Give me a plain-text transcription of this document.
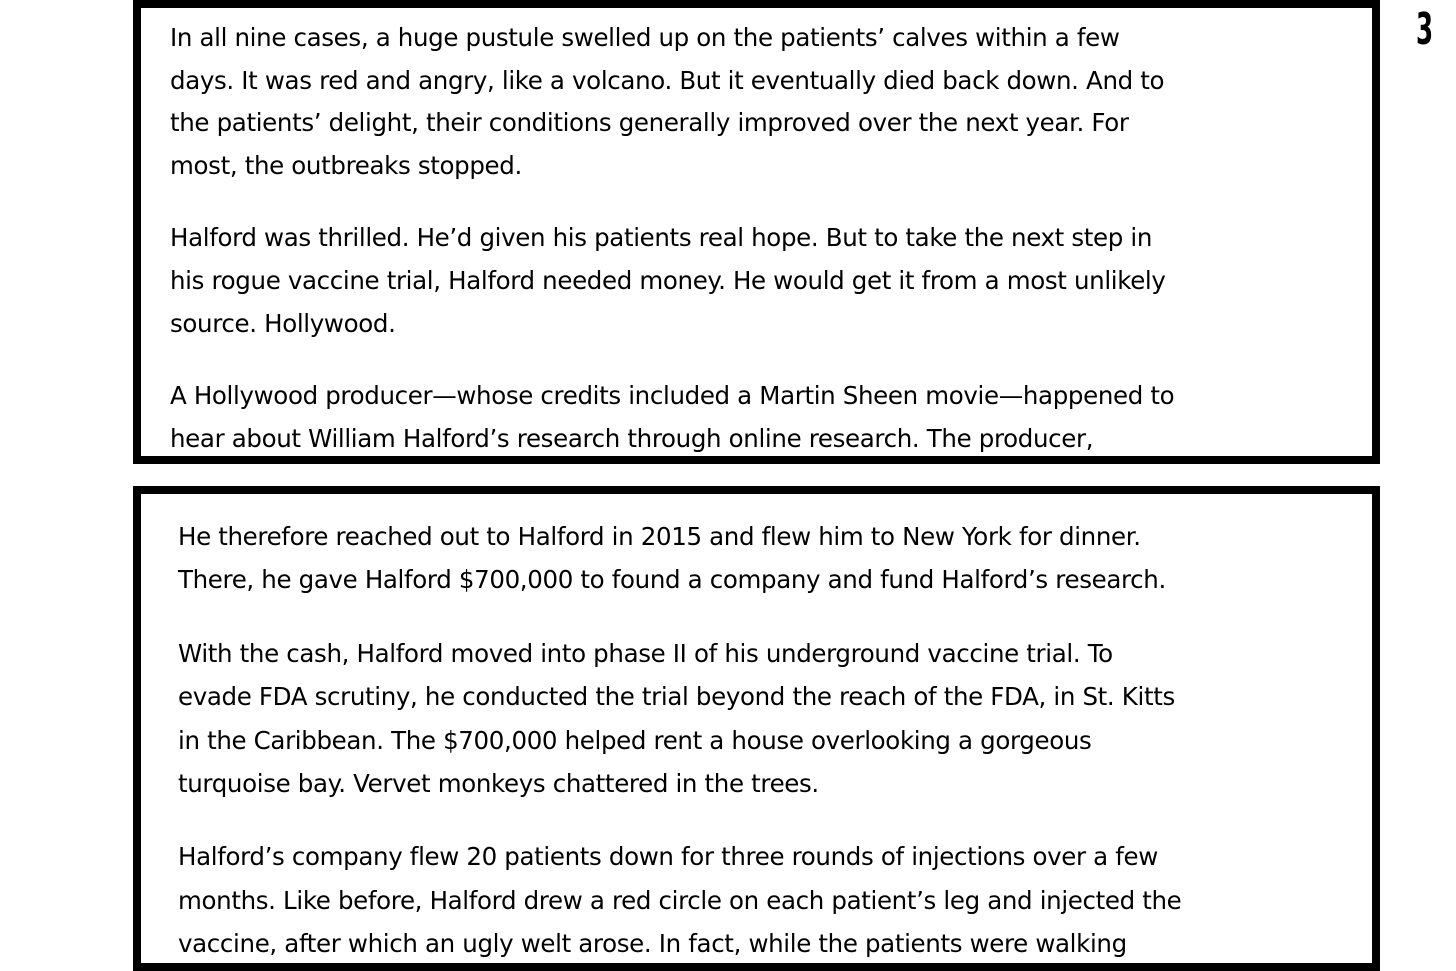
3

In all nine cases, a huge pustule swelled up on the patients’ calves within a few
days. It was red and angry, like a volcano. But it eventually died back down. And to
the patients’ delight, their conditions generally improved over the next year. For
most, the outbreaks stopped.

Halford was thrilled. He’d given his patients real hope. But to take the next step in
his rogue vaccine trial, Halford needed money. He would get it from a most unlikely
source. Hollywood.

A Hollywood producer—whose credits included a Martin Sheen movie—happened to
hear about William Halford’s research through online research. The producer,

He therefore reached out to Halford in 2015 and flew him to New York for dinner.
There, he gave Halford $700,000 to found a company and fund Halford’s research.

With the cash, Halford moved into phase II of his underground vaccine trial. To
evade FDA scrutiny, he conducted the trial beyond the reach of the FDA, in St. Kitts
in the Caribbean. The $700,000 helped rent a house overlooking a gorgeous
turquoise bay. Vervet monkeys chattered in the trees.

Halford’s company flew 20 patients down for three rounds of injections over a few
months. Like before, Halford drew a red circle on each patient’s leg and injected the
vaccine, after which an ugly welt arose. In fact, while the patients were walking
